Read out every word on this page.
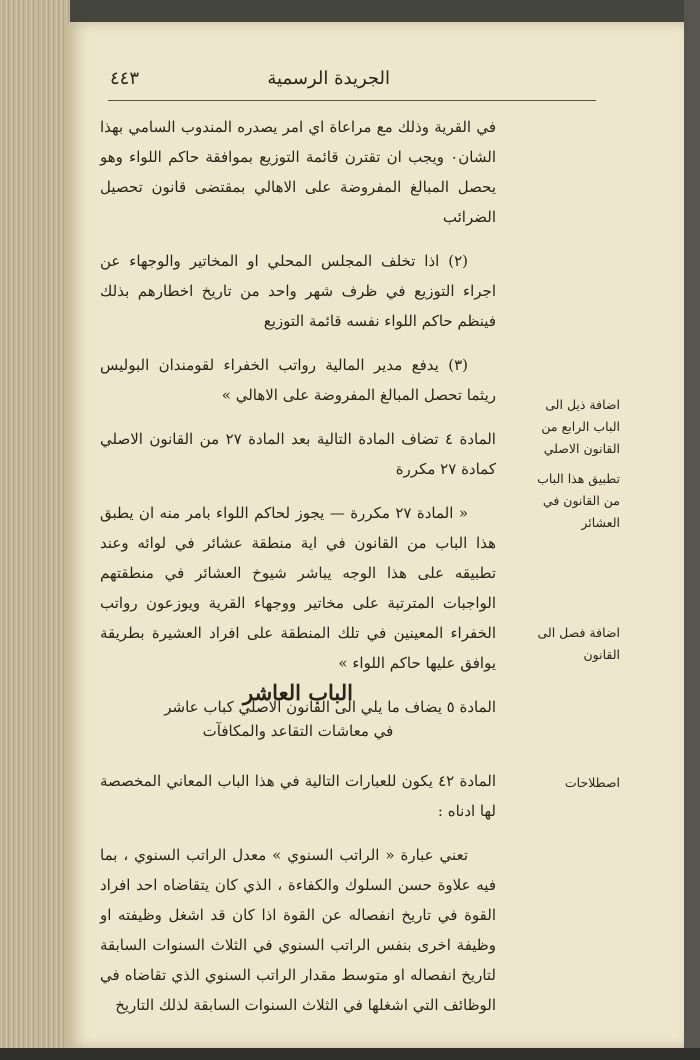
الجريدة الرسمية
٤٤٣

في القرية وذلك مع مراعاة اي امر يصدره المندوب السامي بهذا الشان٠ ويجب ان تقترن قائمة التوزيع بموافقة حاكم اللواء وهو يحصل المبالغ المفروضة على الاهالي بمقتضى قانون تحصيل الضرائب

(٢) اذا تخلف المجلس المحلي او المخاتير والوجهاء عن اجراء التوزيع في ظرف شهر واحد من تاريخ اخطارهم بذلك فينظم حاكم اللواء نفسه قائمة التوزيع

(٣) يدفع مدير المالية رواتب الخفراء لقومندان البوليس ريثما تحصل المبالغ المفروضة على الاهالي »

المادة ٤ تضاف المادة التالية بعد المادة ٢٧ من القانون الاصلي كمادة ٢٧ مكررة

« المادة ٢٧ مكررة — يجوز لحاكم اللواء بامر منه ان يطبق هذا الباب من القانون في اية منطقة عشائر في لوائه وعند تطبيقه على هذا الوجه يباشر شيوخ العشائر في منطقتهم الواجبات المترتبة على مخاتير ووجهاء القرية ويوزعون رواتب الخفراء المعينين في تلك المنطقة على افراد العشيرة بطريقة يوافق عليها حاكم اللواء »

المادة ٥ يضاف ما يلي الى القانون الاصلي كباب عاشر

اضافة ذيل الى الباب الرابع من القانون الاصلي
تطبيق هذا الباب من القانون في العشائر
اضافة فصل الى القانون
اصطلاحات
الباب العاشر
في معاشات التقاعد والمكافآت

المادة ٤٢ يكون للعبارات التالية في هذا الباب المعاني المخصصة لها ادناه :

تعني عبارة « الراتب السنوي » معدل الراتب السنوي ، بما فيه علاوة حسن السلوك والكفاءة ، الذي كان يتقاضاه احد افراد القوة في تاريخ انفصاله عن القوة اذا كان قد اشغل وظيفته او وظيفة اخرى بنفس الراتب السنوي في الثلاث السنوات السابقة لتاريخ انفصاله او متوسط مقدار الراتب السنوي الذي تقاضاه في الوظائف التي اشغلها في الثلاث السنوات السابقة لذلك التاريخ
